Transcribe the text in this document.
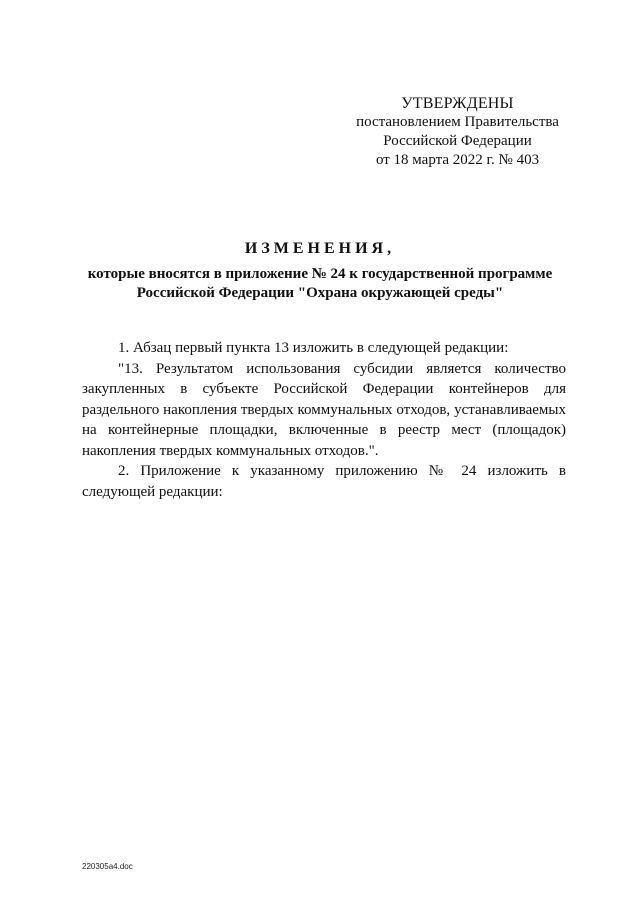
УТВЕРЖДЕНЫ
постановлением Правительства
Российской Федерации
от 18 марта 2022 г. № 403
ИЗМЕНЕНИЯ,
которые вносятся в приложение № 24 к государственной программе
Российской Федерации "Охрана окружающей среды"

1. Абзац первый пункта 13 изложить в следующей редакции:

"13. Результатом использования субсидии является количество закупленных в субъекте Российской Федерации контейнеров для раздельного накопления твердых коммунальных отходов, устанавливаемых на контейнерные площадки, включенные в реестр мест (площадок) накопления твердых коммунальных отходов.".

2. Приложение к указанному приложению № 24 изложить в следующей редакции:

220305a4.doc
